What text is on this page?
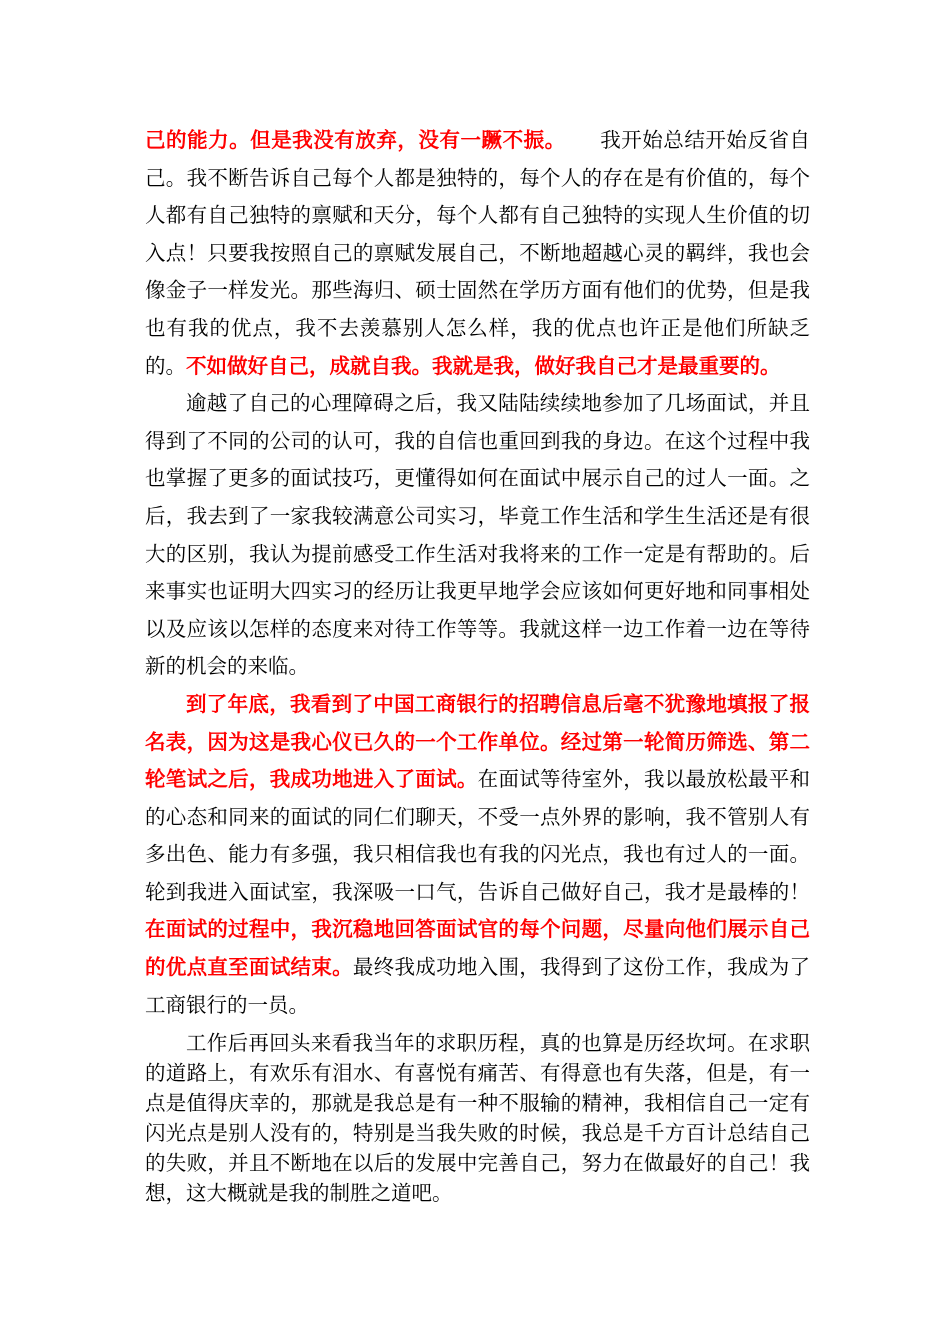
己的能力。但是我没有放弃，没有一蹶不振。 我开始总结开始反省自己。我不断告诉自己每个人都是独特的，每个人的存在是有价值的，每个人都有自己独特的禀赋和天分，每个人都有自己独特的实现人生价值的切入点！只要我按照自己的禀赋发展自己，不断地超越心灵的羁绊，我也会像金子一样发光。那些海归、硕士固然在学历方面有他们的优势，但是我也有我的优点，我不去羡慕别人怎么样，我的优点也许正是他们所缺乏的。不如做好自己，成就自我。我就是我，做好我自己才是最重要的。

逾越了自己的心理障碍之后，我又陆陆续续地参加了几场面试，并且得到了不同的公司的认可，我的自信也重回到我的身边。在这个过程中我也掌握了更多的面试技巧，更懂得如何在面试中展示自己的过人一面。之后，我去到了一家我较满意公司实习，毕竟工作生活和学生生活还是有很大的区别，我认为提前感受工作生活对我将来的工作一定是有帮助的。后来事实也证明大四实习的经历让我更早地学会应该如何更好地和同事相处以及应该以怎样的态度来对待工作等等。我就这样一边工作着一边在等待新的机会的来临。

到了年底，我看到了中国工商银行的招聘信息后毫不犹豫地填报了报名表，因为这是我心仪已久的一个工作单位。经过第一轮简历筛选、第二轮笔试之后，我成功地进入了面试。在面试等待室外，我以最放松最平和的心态和同来的面试的同仁们聊天，不受一点外界的影响，我不管别人有多出色、能力有多强，我只相信我也有我的闪光点，我也有过人的一面。轮到我进入面试室，我深吸一口气，告诉自己做好自己，我才是最棒的！在面试的过程中，我沉稳地回答面试官的每个问题，尽量向他们展示自己的优点直至面试结束。最终我成功地入围，我得到了这份工作，我成为了工商银行的一员。

工作后再回头来看我当年的求职历程，真的也算是历经坎坷。在求职的道路上，有欢乐有泪水、有喜悦有痛苦、有得意也有失落，但是，有一点是值得庆幸的，那就是我总是有一种不服输的精神，我相信自己一定有闪光点是别人没有的，特别是当我失败的时候，我总是千方百计总结自己的失败，并且不断地在以后的发展中完善自己，努力在做最好的自己！我想，这大概就是我的制胜之道吧。
